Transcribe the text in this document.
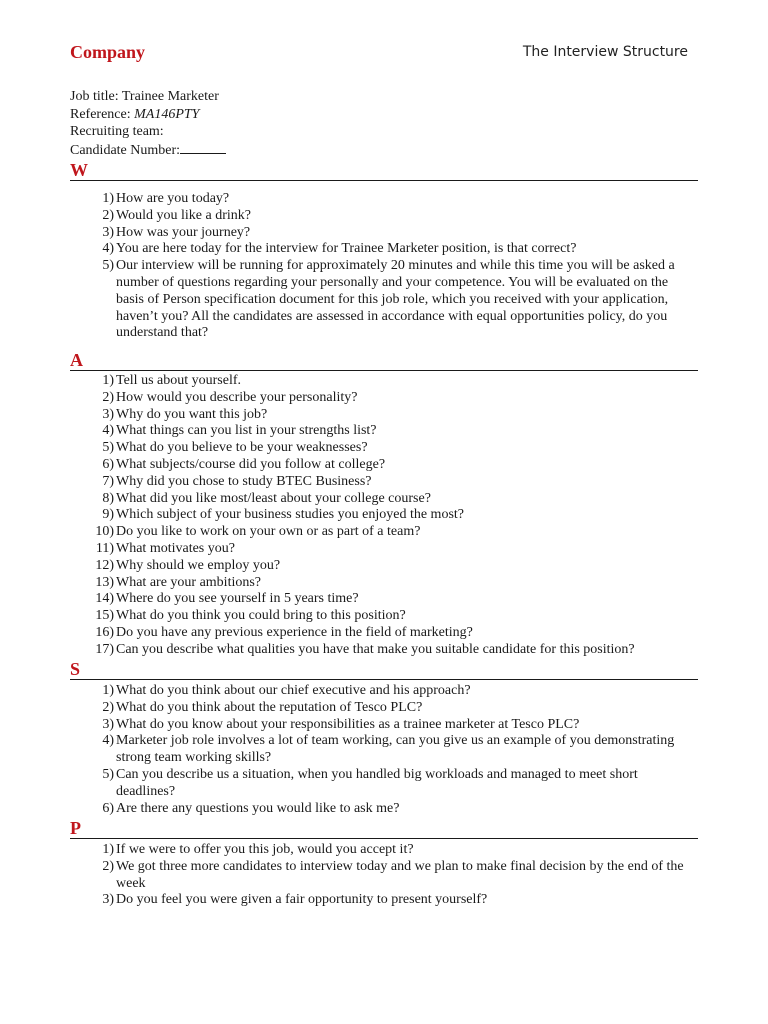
Company	The Interview Structure
Job title: Trainee Marketer
Reference: MA146PTY
Recruiting team:
Candidate Number:
W
1) How are you today?
2) Would you like a drink?
3) How was your journey?
4) You are here today for the interview for Trainee Marketer position, is that correct?
5) Our interview will be running for approximately 20 minutes and while this time you will be asked a number of questions regarding your personally and your competence. You will be evaluated on the basis of Person specification document for this job role, which you received with your application, haven’t you? All the candidates are assessed in accordance with equal opportunities policy, do you understand that?
A
1) Tell us about yourself.
2) How would you describe your personality?
3) Why do you want this job?
4) What things can you list in your strengths list?
5) What do you believe to be your weaknesses?
6) What subjects/course did you follow at college?
7) Why did you chose to study BTEC Business?
8) What did you like most/least about your college course?
9) Which subject of your business studies you enjoyed the most?
10) Do you like to work on your own or as part of a team?
11) What motivates you?
12) Why should we employ you?
13) What are your ambitions?
14) Where do you see yourself in 5 years time?
15) What do you think you could bring to this position?
16) Do you have any previous experience in the field of marketing?
17) Can you describe what qualities you have that make you suitable candidate for this position?
S
1) What do you think about our chief executive and his approach?
2) What do you think about the reputation of Tesco PLC?
3) What do you know about your responsibilities as a trainee marketer at Tesco PLC?
4) Marketer job role involves a lot of team working, can you give us an example of you demonstrating strong team working skills?
5) Can you describe us a situation, when you handled big workloads and managed to meet short deadlines?
6) Are there any questions you would like to ask me?
P
1) If we were to offer you this job, would you accept it?
2) We got three more candidates to interview today and we plan to make final decision by the end of the week
3) Do you feel you were given a fair opportunity to present yourself?
